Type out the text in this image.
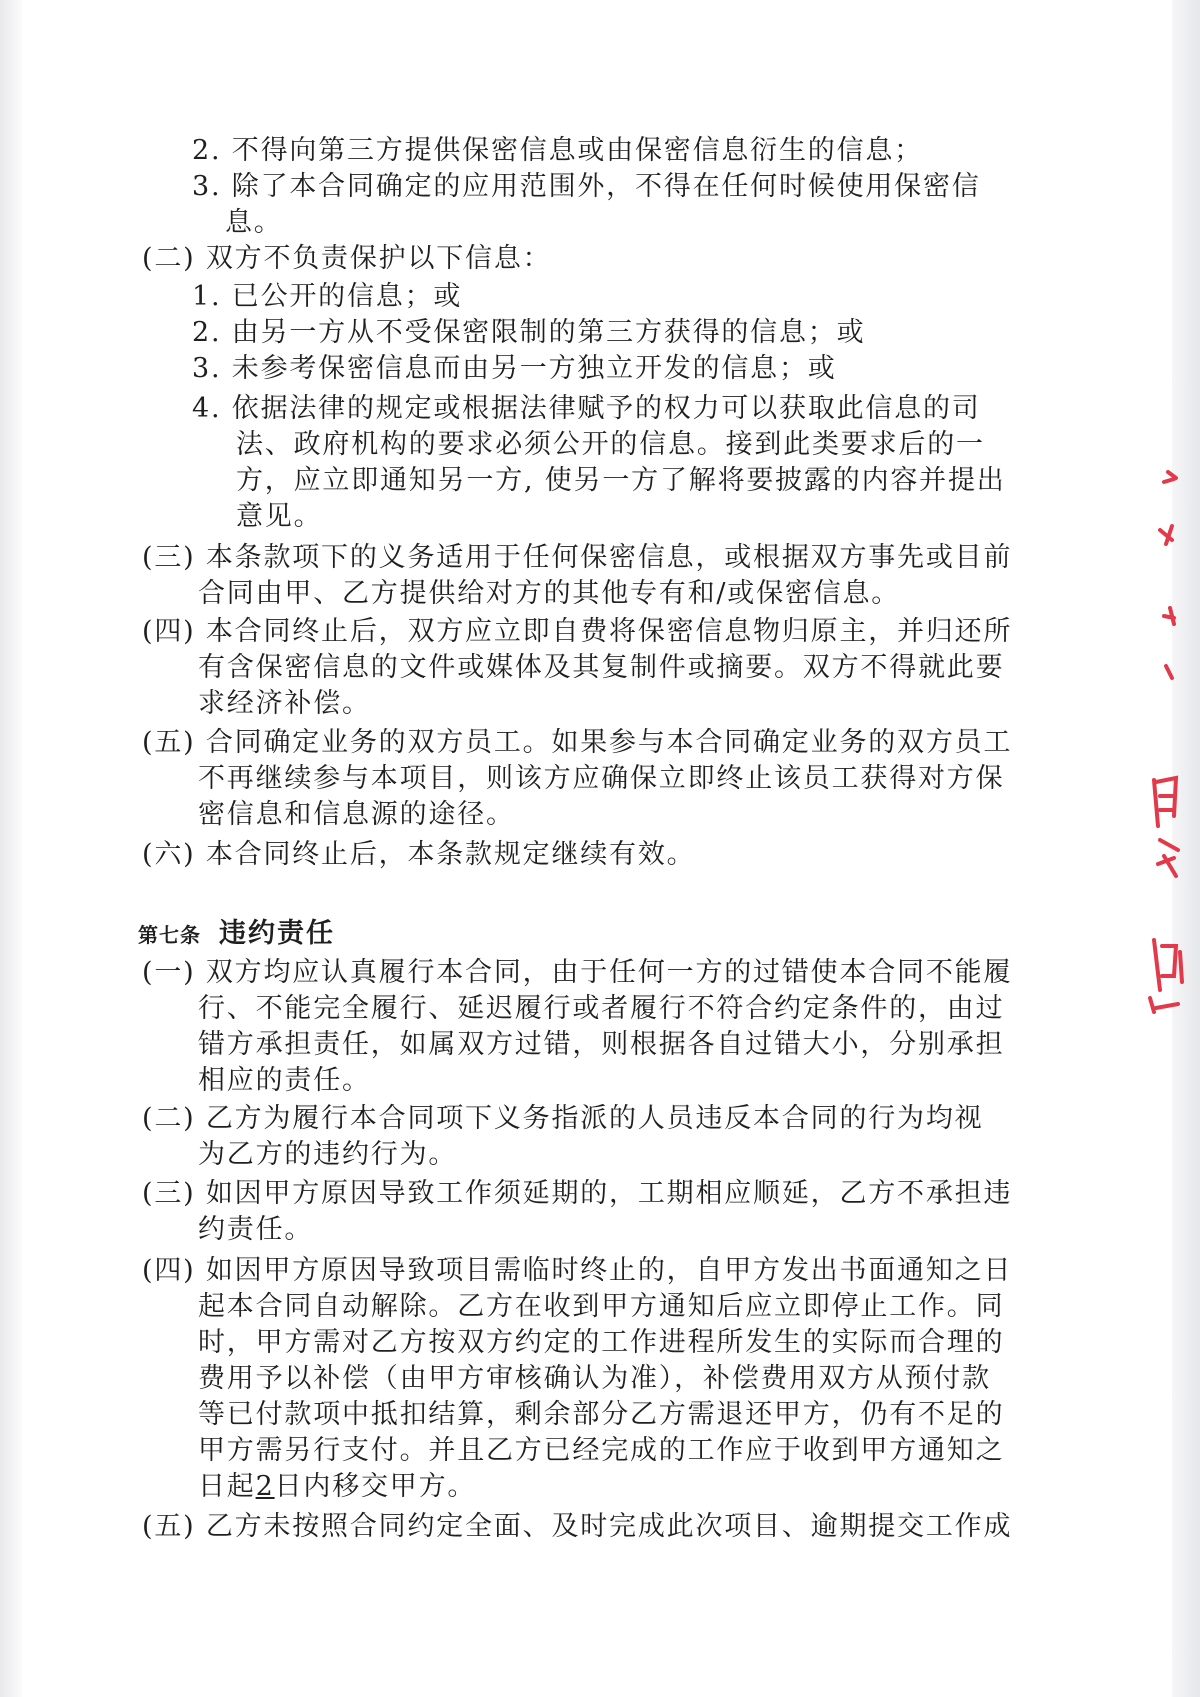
2. 不得向第三方提供保密信息或由保密信息衍生的信息；
3. 除了本合同确定的应用范围外，不得在任何时候使用保密信
息。
(二) 双方不负责保护以下信息：
1. 已公开的信息；或
2. 由另一方从不受保密限制的第三方获得的信息；或
3. 未参考保密信息而由另一方独立开发的信息；或
4. 依据法律的规定或根据法律赋予的权力可以获取此信息的司
法、政府机构的要求必须公开的信息。接到此类要求后的一
方，应立即通知另一方, 使另一方了解将要披露的内容并提出
意见。
(三) 本条款项下的义务适用于任何保密信息，或根据双方事先或目前
合同由甲、乙方提供给对方的其他专有和/或保密信息。
(四) 本合同终止后，双方应立即自费将保密信息物归原主，并归还所
有含保密信息的文件或媒体及其复制件或摘要。双方不得就此要
求经济补偿。
(五) 合同确定业务的双方员工。如果参与本合同确定业务的双方员工
不再继续参与本项目，则该方应确保立即终止该员工获得对方保
密信息和信息源的途径。
(六) 本合同终止后，本条款规定继续有效。
第七条 违约责任
(一) 双方均应认真履行本合同，由于任何一方的过错使本合同不能履
行、不能完全履行、延迟履行或者履行不符合约定条件的，由过
错方承担责任，如属双方过错，则根据各自过错大小，分别承担
相应的责任。
(二) 乙方为履行本合同项下义务指派的人员违反本合同的行为均视
为乙方的违约行为。
(三) 如因甲方原因导致工作须延期的，工期相应顺延，乙方不承担违
约责任。
(四) 如因甲方原因导致项目需临时终止的，自甲方发出书面通知之日
起本合同自动解除。乙方在收到甲方通知后应立即停止工作。同
时，甲方需对乙方按双方约定的工作进程所发生的实际而合理的
费用予以补偿（由甲方审核确认为准），补偿费用双方从预付款
等已付款项中抵扣结算，剩余部分乙方需退还甲方，仍有不足的
甲方需另行支付。并且乙方已经完成的工作应于收到甲方通知之
日起2日内移交甲方。
(五) 乙方未按照合同约定全面、及时完成此次项目、逾期提交工作成
